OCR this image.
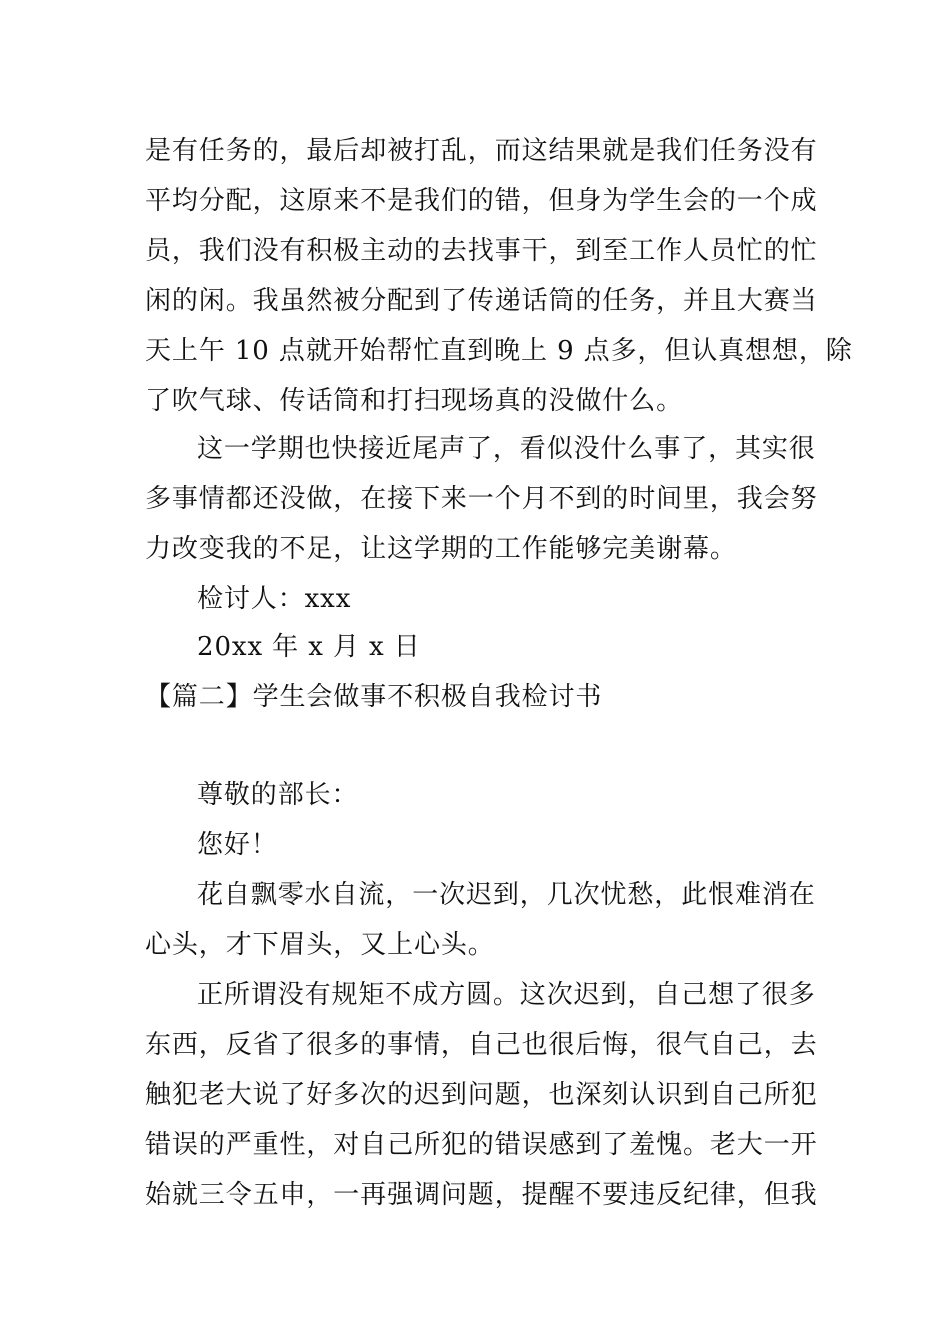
是有任务的，最后却被打乱，而这结果就是我们任务没有
平均分配，这原来不是我们的错，但身为学生会的一个成
员，我们没有积极主动的去找事干，到至工作人员忙的忙
闲的闲。我虽然被分配到了传递话筒的任务，并且大赛当
天上午 10 点就开始帮忙直到晚上 9 点多，但认真想想，除
了吹气球、传话筒和打扫现场真的没做什么。
这一学期也快接近尾声了，看似没什么事了，其实很
多事情都还没做，在接下来一个月不到的时间里，我会努
力改变我的不足，让这学期的工作能够完美谢幕。
检讨人：xxx
20xx 年 x 月 x 日
【篇二】学生会做事不积极自我检讨书
尊敬的部长：
您好！
花自飘零水自流，一次迟到，几次忧愁，此恨难消在
心头，才下眉头，又上心头。
正所谓没有规矩不成方圆。这次迟到，自己想了很多
东西，反省了很多的事情，自己也很后悔，很气自己，去
触犯老大说了好多次的迟到问题，也深刻认识到自己所犯
错误的严重性，对自己所犯的错误感到了羞愧。老大一开
始就三令五申，一再强调问题，提醒不要违反纪律，但我
